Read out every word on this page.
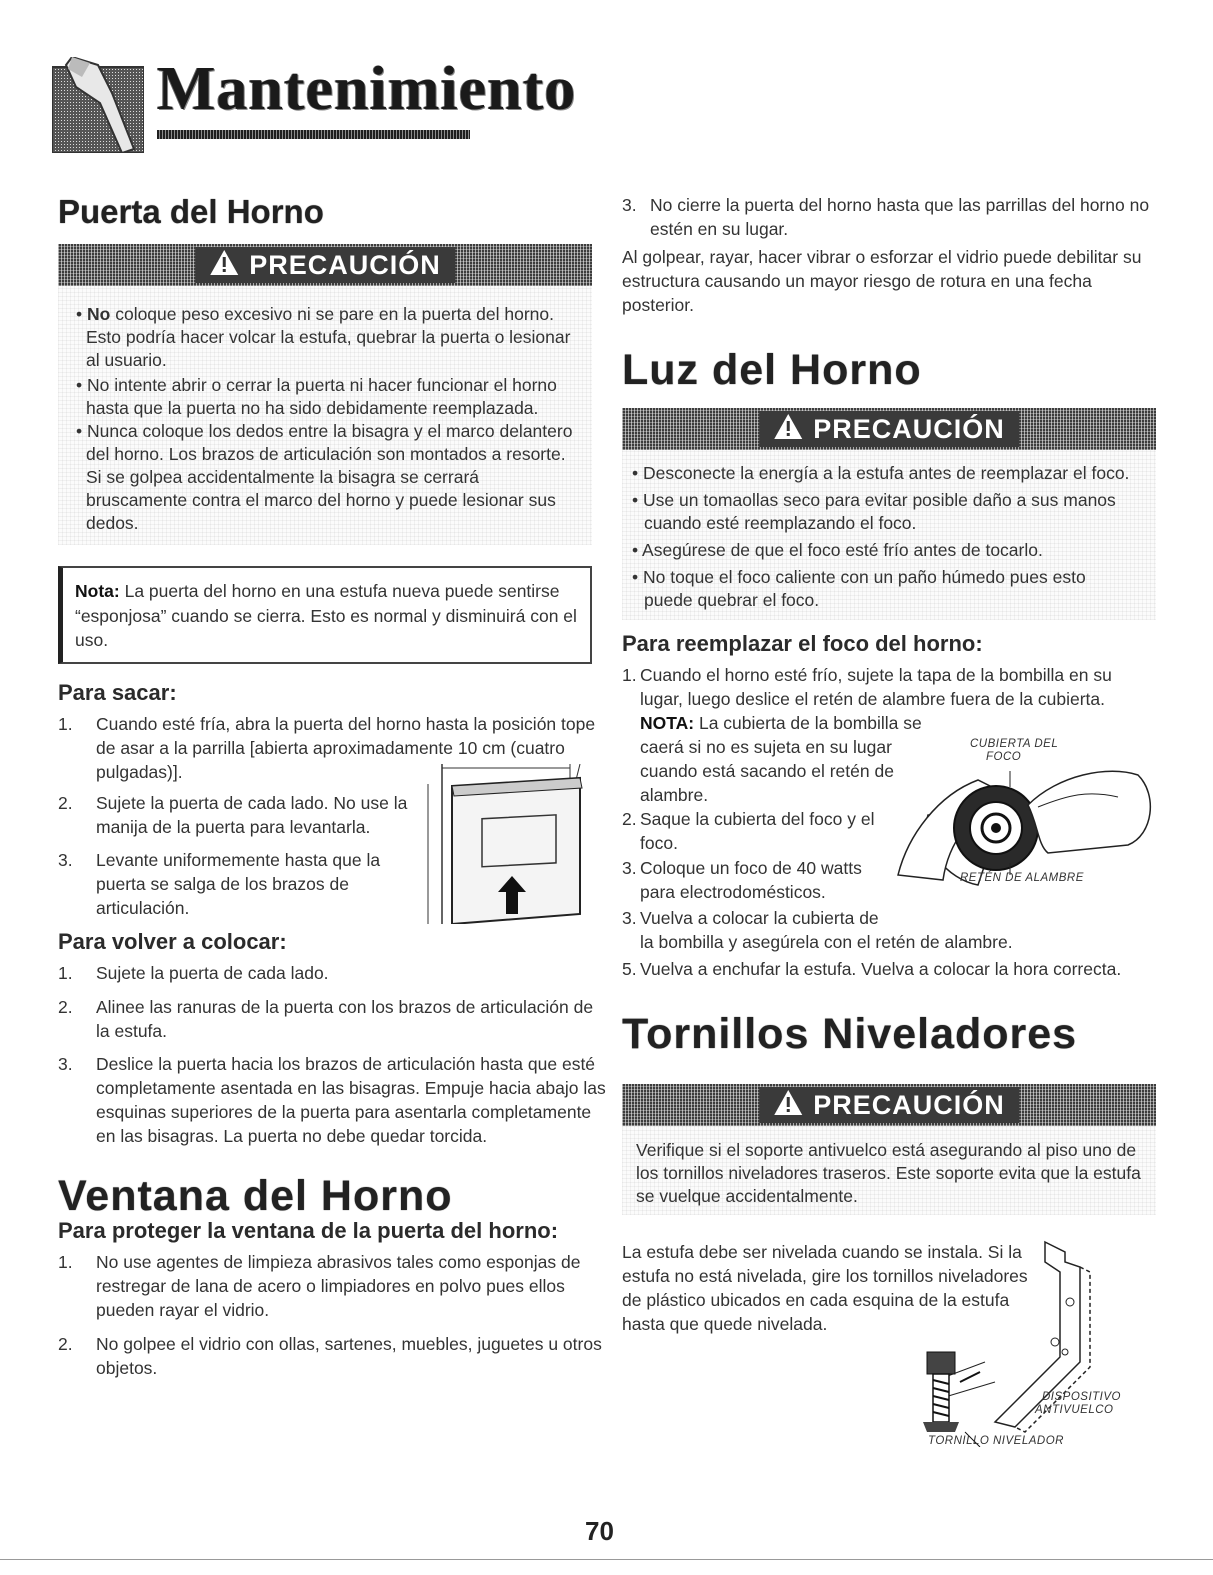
Mantenimiento
Puerta del Horno
PRECAUCIÓN
• No coloque peso excesivo ni se pare en la puerta del horno.
Esto podría hacer volcar la estufa, quebrar la puerta o lesionar
al usuario.
• No intente abrir o cerrar la puerta ni hacer funcionar el horno
hasta que la puerta no ha sido debidamente reemplazada.
• Nunca coloque los dedos entre la bisagra y el marco delantero
del horno. Los brazos de articulación son montados a resorte.
Si se golpea accidentalmente la bisagra se cerrará
bruscamente contra el marco del horno y puede lesionar sus
dedos.
Nota: La puerta del horno en una estufa nueva puede sentirse
“esponjosa” cuando se cierra. Esto es normal y disminuirá con el
uso.
Para sacar:
1. Cuando esté fría, abra la puerta del horno hasta la posición tope
de asar a la parrilla [abierta aproximadamente 10 cm (cuatro
pulgadas)].
2. Sujete la puerta de cada lado. No use la
manija de la puerta para levantarla.
3. Levante uniformemente hasta que la
puerta se salga de los brazos de
articulación.
Para volver a colocar:
1. Sujete la puerta de cada lado.
2. Alinee las ranuras de la puerta con los brazos de articulación de
la estufa.
3. Deslice la puerta hacia los brazos de articulación hasta que esté
completamente asentada en las bisagras. Empuje hacia abajo las
esquinas superiores de la puerta para asentarla completamente
en las bisagras. La puerta no debe quedar torcida.
Ventana del Horno
Para proteger la ventana de la puerta del horno:
1. No use agentes de limpieza abrasivos tales como esponjas de
restregar de lana de acero o limpiadores en polvo pues ellos
pueden rayar el vidrio.
2. No golpee el vidrio con ollas, sartenes, muebles, juguetes u otros
objetos.
3. No cierre la puerta del horno hasta que las parrillas del horno no
estén en su lugar.
Al golpear, rayar, hacer vibrar o esforzar el vidrio puede debilitar su
estructura causando un mayor riesgo de rotura en una fecha
posterior.
Luz del Horno
PRECAUCIÓN
• Desconecte la energía a la estufa antes de reemplazar el foco.
• Use un tomaollas seco para evitar posible daño a sus manos
cuando esté reemplazando el foco.
• Asegúrese de que el foco esté frío antes de tocarlo.
• No toque el foco caliente con un paño húmedo pues esto
puede quebrar el foco.
Para reemplazar el foco del horno:
1. Cuando el horno esté frío, sujete la tapa de la bombilla en su
lugar, luego deslice el retén de alambre fuera de la cubierta.
NOTA: La cubierta de la bombilla se
caerá si no es sujeta en su lugar
cuando está sacando el retén de
alambre.
2. Saque la cubierta del foco y el
foco.
3. Coloque un foco de 40 watts
para electrodomésticos.
3. Vuelva a colocar la cubierta de
la bombilla y asegúrela con el retén de alambre.
5. Vuelva a enchufar la estufa. Vuelva a colocar la hora correcta.
CUBIERTA DEL
FOCO
RETÉN DE ALAMBRE
Tornillos Niveladores
PRECAUCIÓN
Verifique si el soporte antivuelco está asegurando al piso uno de
los tornillos niveladores traseros. Este soporte evita que la estufa
se vuelque accidentalmente.
La estufa debe ser nivelada cuando se instala. Si la
estufa no está nivelada, gire los tornillos niveladores
de plástico ubicados en cada esquina de la estufa
hasta que quede nivelada.
DISPOSITIVO
ANTIVUELCO
TORNILLO NIVELADOR
70
